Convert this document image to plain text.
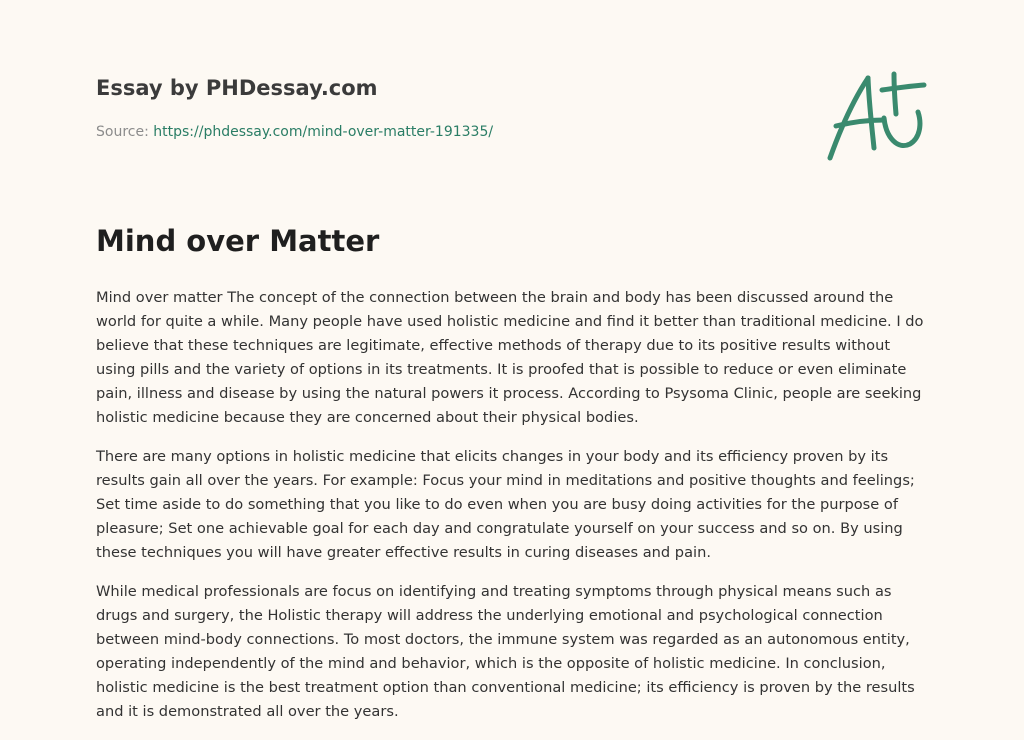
Essay by PHDessay.com
Source: https://phdessay.com/mind-over-matter-191335/
Mind over Matter

Mind over matter The concept of the connection between the brain and body has been discussed around the world for quite a while. Many people have used holistic medicine and find it better than traditional medicine. I do believe that these techniques are legitimate, effective methods of therapy due to its positive results without using pills and the variety of options in its treatments. It is proofed that is possible to reduce or even eliminate pain, illness and disease by using the natural powers it process. According to Psysoma Clinic, people are seeking holistic medicine because they are concerned about their physical bodies.

There are many options in holistic medicine that elicits changes in your body and its efficiency proven by its results gain all over the years. For example: Focus your mind in meditations and positive thoughts and feelings; Set time aside to do something that you like to do even when you are busy doing activities for the purpose of pleasure; Set one achievable goal for each day and congratulate yourself on your success and so on. By using these techniques you will have greater effective results in curing diseases and pain.

While medical professionals are focus on identifying and treating symptoms through physical means such as drugs and surgery, the Holistic therapy will address the underlying emotional and psychological connection between mind-body connections. To most doctors, the immune system was regarded as an autonomous entity, operating independently of the mind and behavior, which is the opposite of holistic medicine. In conclusion, holistic medicine is the best treatment option than conventional medicine; its efficiency is proven by the results and it is demonstrated all over the years.
